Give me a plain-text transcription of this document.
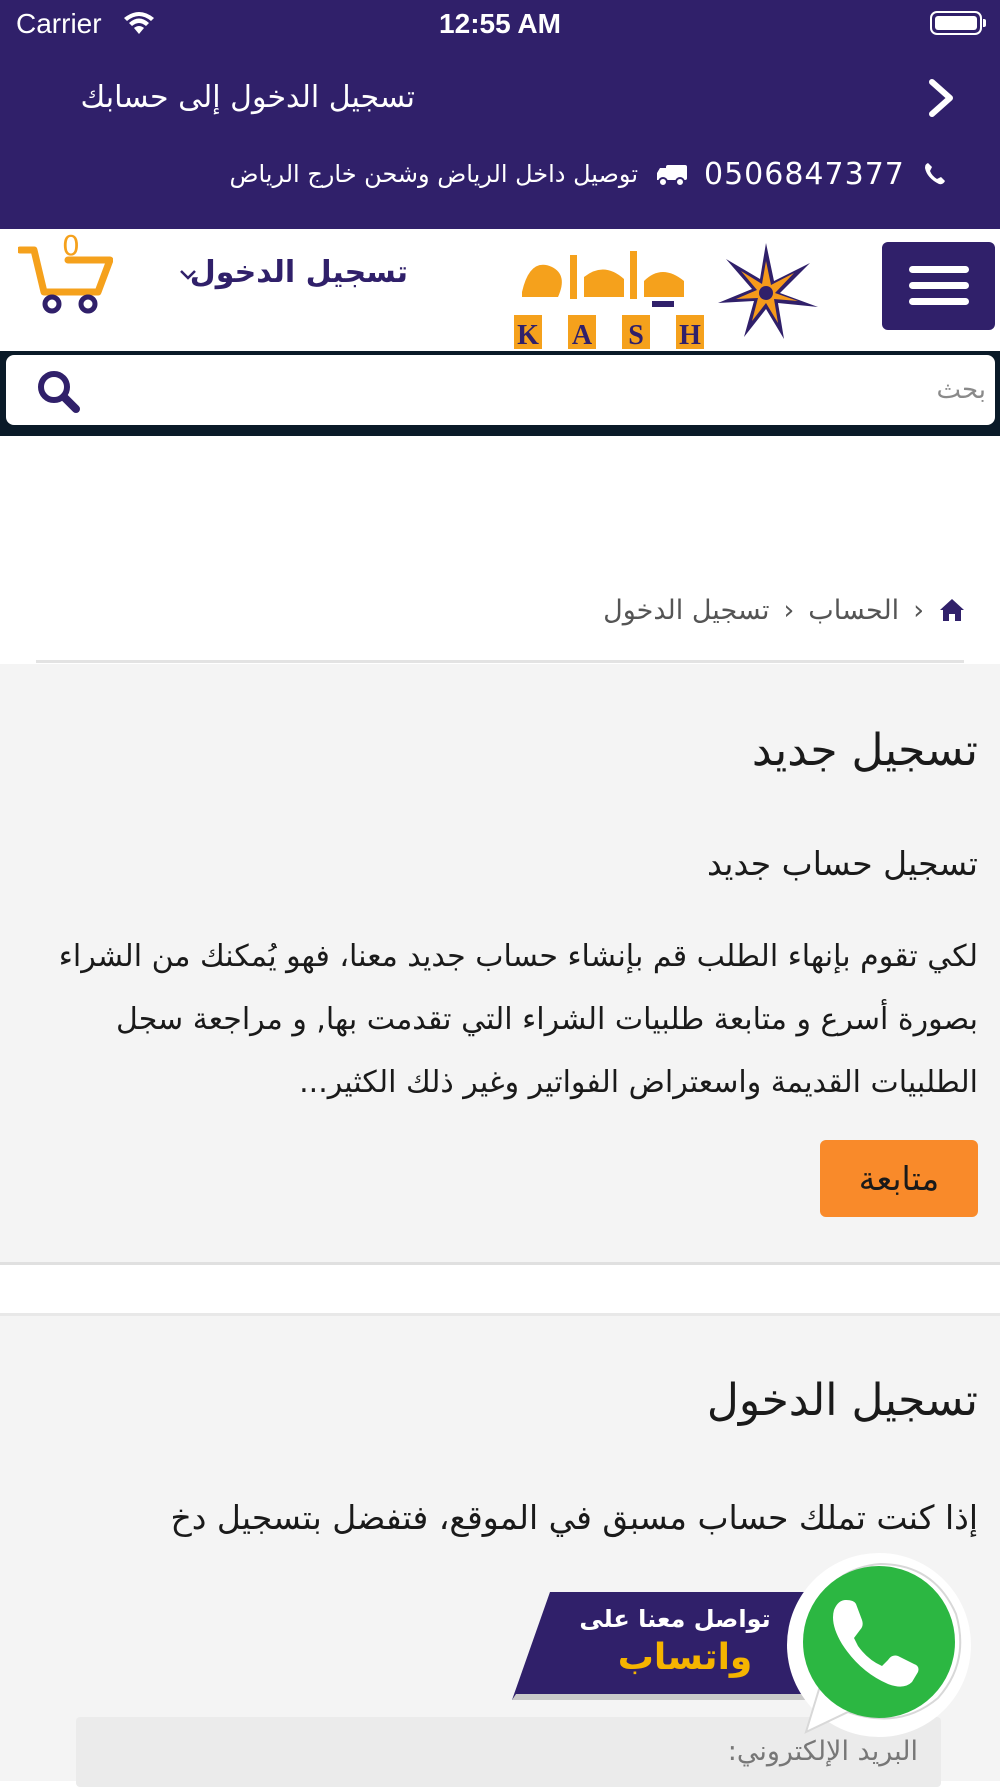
Carrier	12:55 AM
تسجيل الدخول إلى حسابك
0506847377
توصيل داخل الرياض وشحن خارج الرياض
K A S H
تسجيل الدخول
0
بحث
‹
الحساب
‹
تسجيل الدخول
تسجيل جديد
تسجيل حساب جديد
لكي تقوم بإنهاء الطلب قم بإنشاء حساب جديد معنا، فهو يُمكنك من الشراء بصورة أسرع و متابعة طلبيات الشراء التي تقدمت بها, و مراجعة سجل الطلبيات القديمة واسعتراض الفواتير وغير ذلك الكثير...
متابعة
تسجيل الدخول
إذا كنت تملك حساب مسبق في الموقع، فتفضل بتسجيل دخ
البريد الإلكتروني:
تواصل معنا على
واتساب
